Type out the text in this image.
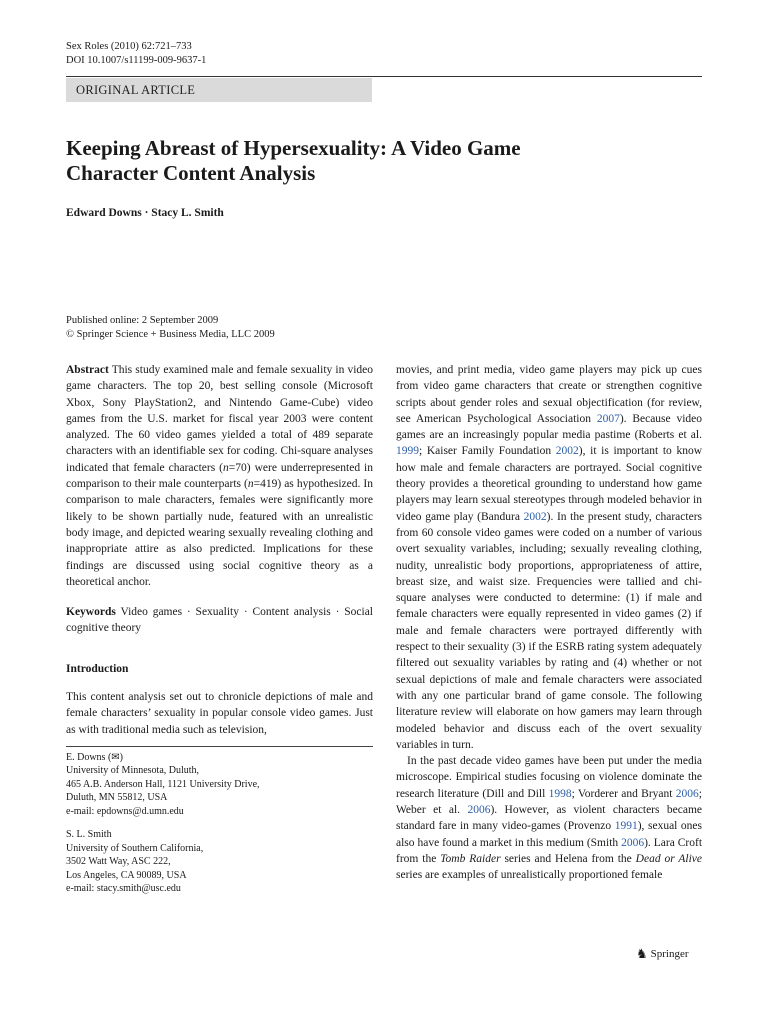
Sex Roles (2010) 62:721–733
DOI 10.1007/s11199-009-9637-1
ORIGINAL ARTICLE
Keeping Abreast of Hypersexuality: A Video Game
Character Content Analysis
Edward Downs · Stacy L. Smith
Published online: 2 September 2009
© Springer Science + Business Media, LLC 2009

Abstract This study examined male and female sexuality in video game characters. The top 20, best selling console (Microsoft Xbox, Sony PlayStation2, and Nintendo Game-Cube) video games from the U.S. market for fiscal year 2003 were content analyzed. The 60 video games yielded a total of 489 separate characters with an identifiable sex for coding. Chi-square analyses indicated that female characters (n=70) were underrepresented in comparison to their male counterparts (n=419) as hypothesized. In comparison to male characters, females were significantly more likely to be shown partially nude, featured with an unrealistic body image, and depicted wearing sexually revealing clothing and inappropriate attire as also predicted. Implications for these findings are discussed using social cognitive theory as a theoretical anchor.

Keywords Video games · Sexuality · Content analysis · Social cognitive theory

Introduction

This content analysis set out to chronicle depictions of male and female characters’ sexuality in popular console video games. Just as with traditional media such as television,

E. Downs (✉)

University of Minnesota, Duluth,

465 A.B. Anderson Hall, 1121 University Drive,

Duluth, MN 55812, USA

e-mail: epdowns@d.umn.edu

S. L. Smith

University of Southern California,

3502 Watt Way, ASC 222,

Los Angeles, CA 90089, USA

e-mail: stacy.smith@usc.edu

movies, and print media, video game players may pick up cues from video game characters that create or strengthen cognitive scripts about gender roles and sexual objectification (for review, see American Psychological Association 2007). Because video games are an increasingly popular media pastime (Roberts et al. 1999; Kaiser Family Foundation 2002), it is important to know how male and female characters are portrayed. Social cognitive theory provides a theoretical grounding to understand how game players may learn sexual stereotypes through modeled behavior in video game play (Bandura 2002). In the present study, characters from 60 console video games were coded on a number of various overt sexuality variables, including; sexually revealing clothing, nudity, unrealistic body proportions, appropriateness of attire, breast size, and waist size. Frequencies were tallied and chi-square analyses were conducted to determine: (1) if male and female characters were equally represented in video games (2) if male and female characters were portrayed differently with respect to their sexuality (3) if the ESRB rating system adequately filtered out sexuality variables by rating and (4) whether or not sexual depictions of male and female characters were associated with any one particular brand of game console. The following literature review will elaborate on how gamers may learn through modeled behavior and discuss each of the overt sexuality variables in turn.

In the past decade video games have been put under the media microscope. Empirical studies focusing on violence dominate the research literature (Dill and Dill 1998; Vorderer and Bryant 2006; Weber et al. 2006). However, as violent characters became standard fare in many video-games (Provenzo 1991), sexual ones also have found a market in this medium (Smith 2006). Lara Croft from the Tomb Raider series and Helena from the Dead or Alive series are examples of unrealistically proportioned female

♞ Springer
